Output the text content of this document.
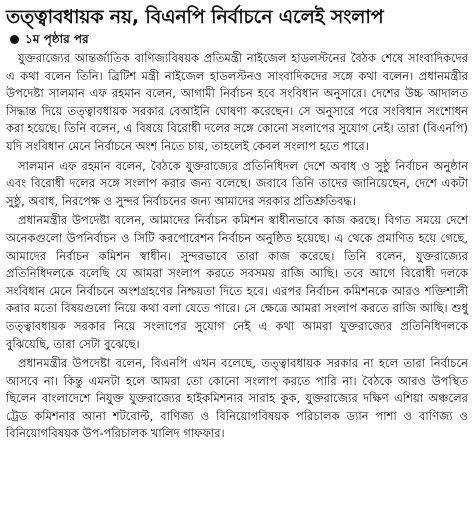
তত্ত্বাবধায়ক নয়, বিএনপি নির্বাচনে এলেই সংলাপ
১ম পৃষ্ঠার পর

যুক্তরাজ্যের আন্তর্জাতিক বাণিজ্যবিষয়ক প্রতিমন্ত্রী নাইজেল হাডলস্টনের বৈঠক শেষে সাংবাদিকদের এ কথা বলেন তিনি। ব্রিটিশ মন্ত্রী নাইজেল হাডলস্টনও সাংবাদিকদের সঙ্গে কথা বলেন। প্রধানমন্ত্রীর উপদেষ্টা সালমান এফ রহমান বলেন, আগামী নির্বাচন হবে সংবিধান অনুসারে। দেশের উচ্চ আদালত সিদ্ধান্ত দিয়ে তত্ত্বাবধায়ক সরকার বেআইনি ঘোষণা করেছেন। সে অনুসারে পরে সংবিধান সংশোধন করা হয়েছে। তিনি বলেন, এ বিষয়ে বিরোধী দলের সঙ্গে কোনো সংলাপের সুযোগ নেই। তারা (বিএনপি) যদি সংবিধান মেনে নির্বাচনে অংশ নিতে চায়, তাহলেই কেবল সংলাপ হতে পারে।

সালমান এফ রহমান বলেন, বৈঠকে যুক্তরাজ্যের প্রতিনিধিদল দেশে অবাধ ও সুষ্ঠু নির্বাচন অনুষ্ঠান এবং বিরোধী দলের সঙ্গে সংলাপ করার জন্য বলেছে। জবাবে তিনি তাদের জানিয়েছেন, দেশে একটা সুষ্ঠু, অবাধ, নিরপেক্ষ ও সুন্দর নির্বাচনের জন্য আমাদের সরকার প্রতিশ্রুতিবদ্ধ।

প্রধানমন্ত্রীর উপদেষ্টা বলেন, আমাদের নির্বাচন কমিশন স্বাধীনভাবে কাজ করছে। বিগত সময়ে দেশে অনেকগুলো উপনির্বাচন ও সিটি করপোরেশন নির্বাচন অনুষ্ঠিত হয়েছে। এ থেকে প্রমাণিত হয়ে গেছে, আমাদের নির্বাচন কমিশন স্বাধীন। সুন্দরভাবে তারা কাজ করেছে। তিনি বলেন, যুক্তরাজ্যের প্রতিনিধিদলকে বলেছি যে আমরা সংলাপ করতে সবসময় রাজি আছি। তবে আগে বিরোধী দলকে সংবিধান মেনে নির্বাচনে অংশগ্রহণের নিশ্চয়তা দিতে হবে। এরপর নির্বাচন কমিশনকে আরও শক্তিশালী করার মতো বিষয়গুলো নিয়ে কথা বলা যেতে পারে। সে ক্ষেত্রে আমরা সংলাপ করতে রাজি আছি। শুধু তত্ত্বাবধায়ক সরকার নিয়ে সংলাপের সুযোগ নেই এ কথা আমরা যুক্তরাজ্যের প্রতিনিধিদলকে বুঝিয়েছি, তারা সেটা বুঝেছে।

প্রধানমন্ত্রীর উপদেষ্টা বলেন, বিএনপি এখন বলেছে, তত্ত্বাবধায়ক সরকার না হলে তারা নির্বাচনে আসবে না। কিন্তু এমনটা হলে আমরা তো কোনো সংলাপ করতে পারি না। বৈঠকে আরও উপস্থিত ছিলেন বাংলাদেশে নিযুক্ত যুক্তরাজ্যের হাইকমিশনার সারাহ কুক, যুক্তরাজ্যের দক্ষিণ এশিয়া অঞ্চলের ট্রেড কমিশনার আনা শটবোল্ট, বাণিজ্য ও বিনিয়োগবিষয়ক পরিচালক ড্যান পাশা ও বাণিজ্য ও বিনিয়োগবিষয়ক উপ-পরিচালক খালিদ গাফফার।
